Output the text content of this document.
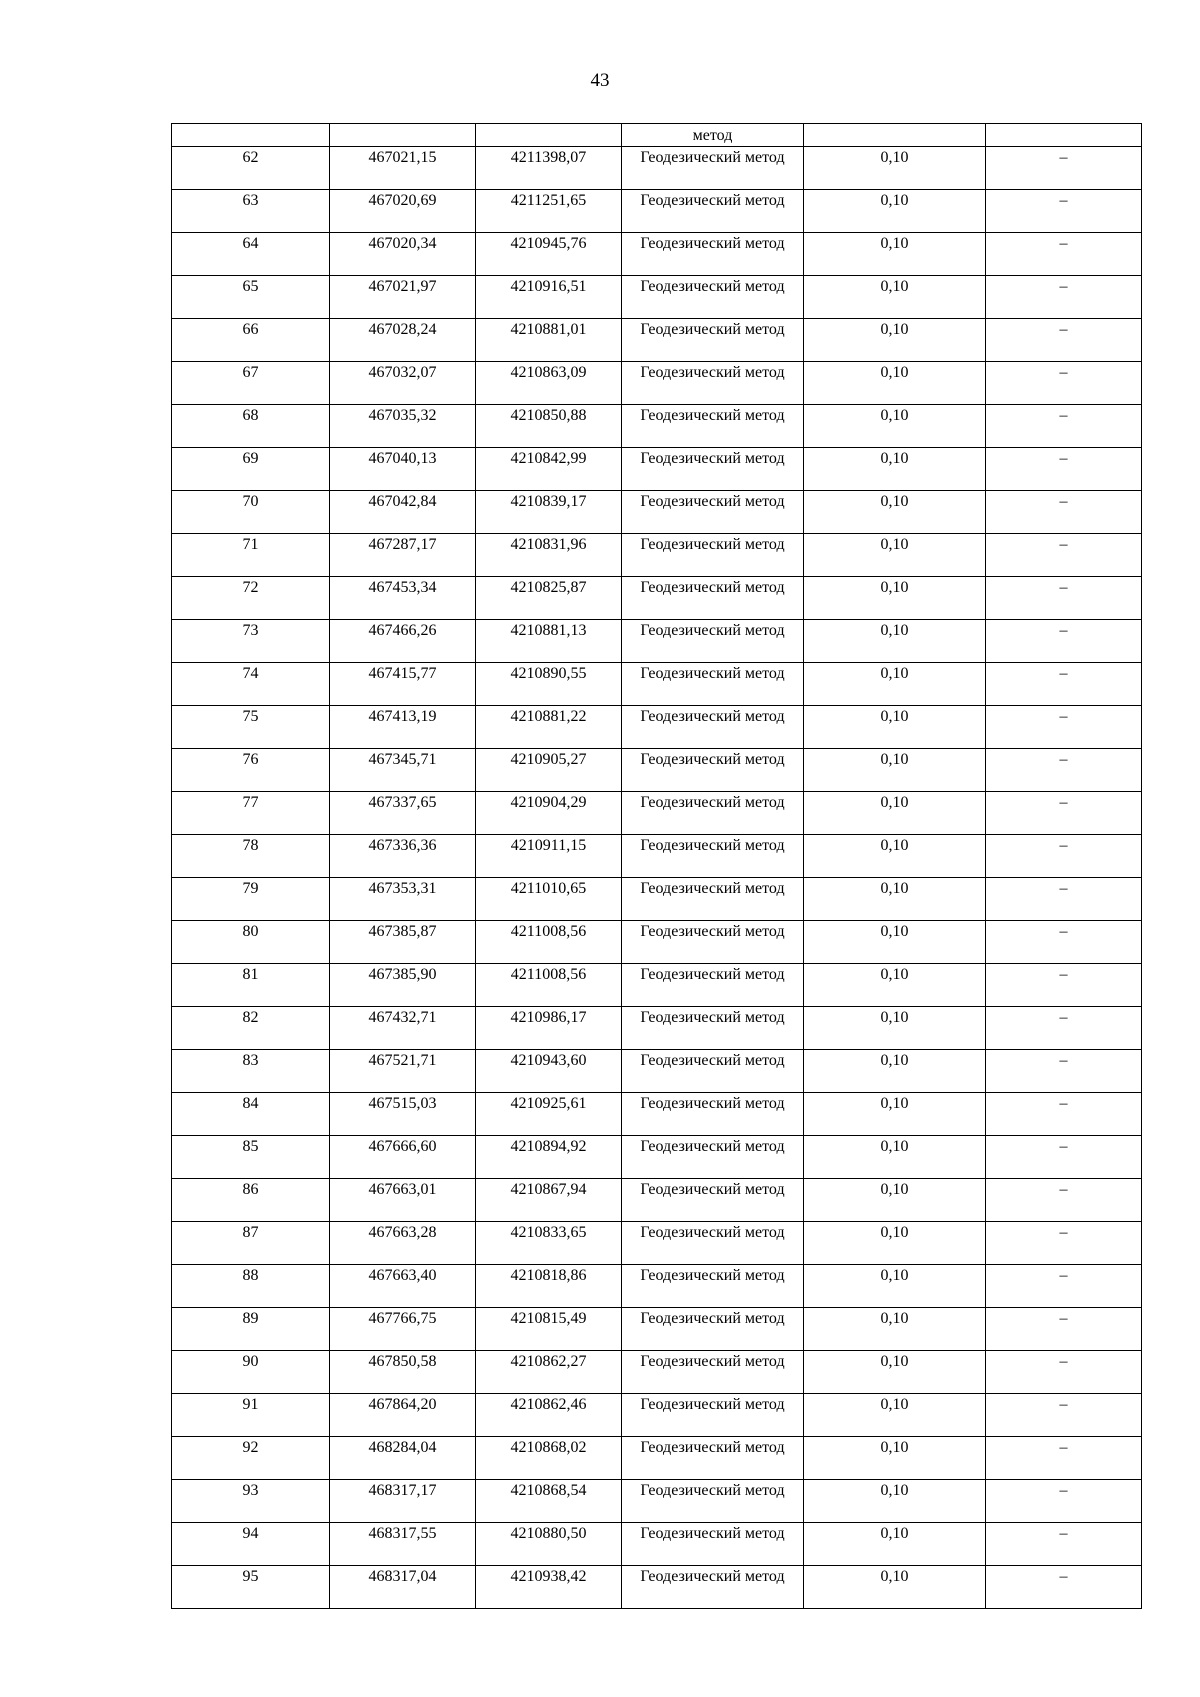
43

			метод		

62	467021,15	4211398,07	Геодезический метод	0,10	–

63	467020,69	4211251,65	Геодезический метод	0,10	–

64	467020,34	4210945,76	Геодезический метод	0,10	–

65	467021,97	4210916,51	Геодезический метод	0,10	–

66	467028,24	4210881,01	Геодезический метод	0,10	–

67	467032,07	4210863,09	Геодезический метод	0,10	–

68	467035,32	4210850,88	Геодезический метод	0,10	–

69	467040,13	4210842,99	Геодезический метод	0,10	–

70	467042,84	4210839,17	Геодезический метод	0,10	–

71	467287,17	4210831,96	Геодезический метод	0,10	–

72	467453,34	4210825,87	Геодезический метод	0,10	–

73	467466,26	4210881,13	Геодезический метод	0,10	–

74	467415,77	4210890,55	Геодезический метод	0,10	–

75	467413,19	4210881,22	Геодезический метод	0,10	–

76	467345,71	4210905,27	Геодезический метод	0,10	–

77	467337,65	4210904,29	Геодезический метод	0,10	–

78	467336,36	4210911,15	Геодезический метод	0,10	–

79	467353,31	4211010,65	Геодезический метод	0,10	–

80	467385,87	4211008,56	Геодезический метод	0,10	–

81	467385,90	4211008,56	Геодезический метод	0,10	–

82	467432,71	4210986,17	Геодезический метод	0,10	–

83	467521,71	4210943,60	Геодезический метод	0,10	–

84	467515,03	4210925,61	Геодезический метод	0,10	–

85	467666,60	4210894,92	Геодезический метод	0,10	–

86	467663,01	4210867,94	Геодезический метод	0,10	–

87	467663,28	4210833,65	Геодезический метод	0,10	–

88	467663,40	4210818,86	Геодезический метод	0,10	–

89	467766,75	4210815,49	Геодезический метод	0,10	–

90	467850,58	4210862,27	Геодезический метод	0,10	–

91	467864,20	4210862,46	Геодезический метод	0,10	–

92	468284,04	4210868,02	Геодезический метод	0,10	–

93	468317,17	4210868,54	Геодезический метод	0,10	–

94	468317,55	4210880,50	Геодезический метод	0,10	–

95	468317,04	4210938,42	Геодезический метод	0,10	–
